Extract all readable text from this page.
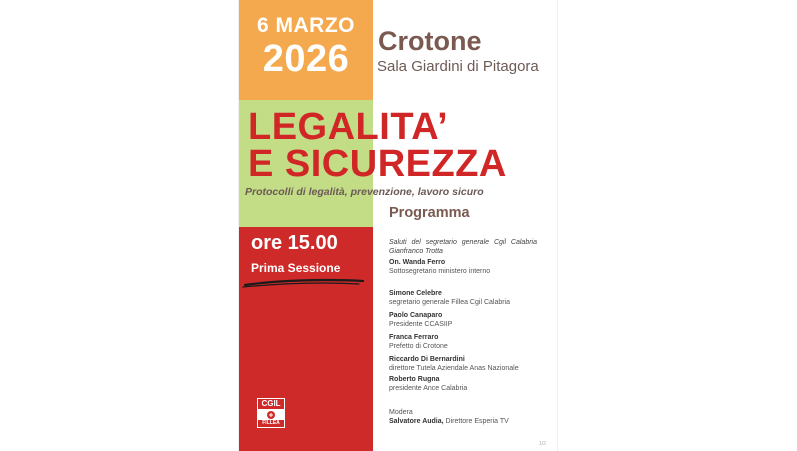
6 MARZO
2026	Crotone
Sala Giardini di Pitagora
LEGALITA’
E SICUREZZA
Protocolli di legalità, prevenzione, lavoro sicuro
Programma
ore 15.00
Prima Sessione
CGIL
FILLEA
Saluti del segretario generale Cgil Calabria Gianfranco Trotta
On. Wanda Ferro
Sottosegretario ministero interno
Simone Celebre
segretario generale Fillea Cgil Calabria
Paolo Canaparo
Presidente CCASIIP
Franca Ferraro
Prefetto di Crotone
Riccardo Di Bernardini
direttore Tutela Aziendale Anas Nazionale
Roberto Rugna
presidente Ance Calabria
Modera
Salvatore Audia, Direttore Esperia TV
1/2
